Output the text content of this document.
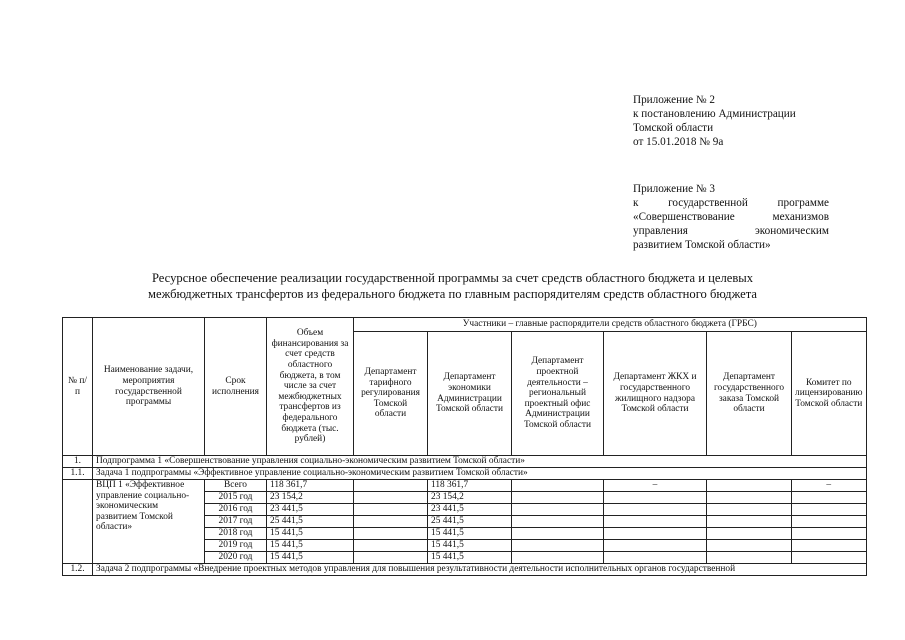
Приложение № 2
к постановлению Администрации
Томской области
от 15.01.2018 № 9а
Приложение № 3
к	государственной	программе
«Совершенствование	механизмов
управления	экономическим
развитием Томской области»
Ресурсное обеспечение реализации государственной программы за счет средств областного бюджета и целевых
межбюджетных трансфертов из федерального бюджета по главным распорядителям средств областного бюджета
№ п/п	Наименование задачи, мероприятия государственной программы	Срок исполнения	Объем финансирования за счет средств областного бюджета, в том числе за счет межбюджетных трансфертов из федерального бюджета (тыс. рублей)	Участники – главные распорядители средств областного бюджета (ГРБС)					
				Департамент тарифного регулирования Томской области	Департамент экономики Администрации Томской области	Департамент проектной деятельности – региональный проектный офис Администрации Томской области	Департамент ЖКХ и государственного жилищного надзора Томской области	Департамент государственного заказа Томской области	Комитет по лицензированию Томской области
1.	Подпрограмма 1 «Совершенствование управления социально-экономическим развитием Томской области»								
1.1.	Задача 1 подпрограммы «Эффективное управление социально-экономическим развитием Томской области»								
	ВЦП 1 «Эффективное управление социально-экономическим развитием Томской области»	Всего	118 361,7		118 361,7		–		–
		2015 год	23 154,2		23 154,2				
		2016 год	23 441,5		23 441,5				
		2017 год	25 441,5		25 441,5				
		2018 год	15 441,5		15 441,5				
		2019 год	15 441,5		15 441,5				
		2020 год	15 441,5		15 441,5				
1.2.	Задача 2 подпрограммы «Внедрение проектных методов управления для повышения результативности деятельности исполнительных органов государственной								
